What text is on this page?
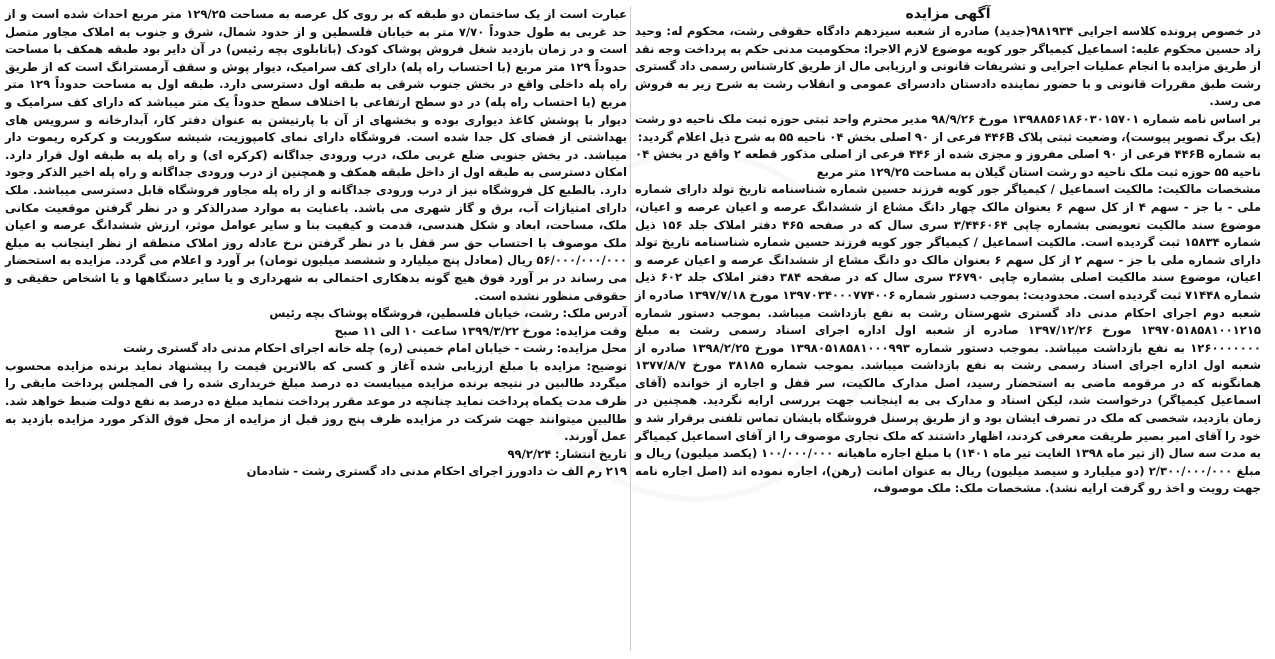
آگهی مزایده

در خصوص پرونده کلاسه اجرایی ۹۸۱۹۳۴(جدید) صادره از شعبه سیزدهم دادگاه حقوقی رشت، محکوم له: وحید زاد حسین محکوم علیه: اسماعیل کیمیاگر جور کویه موضوع لازم الاجرا: محکومیت مدنی حکم به پرداخت وجه نقد از طریق مزایده با انجام عملیات اجرایی و تشریفات قانونی و ارزیابی مال از طریق کارشناس رسمی داد گستری رشت طبق مقررات قانونی و با حضور نماینده دادستان دادسرای عمومی و انقلاب رشت به شرح زیر به فروش می رسد.

بر اساس نامه شماره ۱۳۹۸۸۵۶۱۸۶۰۳۰۱۵۷۰۱ مورخ ۹۸/۹/۲۶ مدیر محترم واحد ثبتی حوزه ثبت ملک ناحیه دو رشت (یک برگ تصویر پیوست)، وضعیت ثبتی پلاک ۴۴۶B فرعی از ۹۰ اصلی بخش ۰۴ ناحیه ۵۵ به شرح ذیل اعلام گردید:

به شماره ۴۴۶B فرعی از ۹۰ اصلی مفروز و مجزی شده از ۴۴۶ فرعی از اصلی مذکور قطعه ۲ واقع در بخش ۰۴ ناحیه ۵۵ حوزه ثبت ملک ناحیه دو رشت استان گیلان به مساحت ۱۲۹/۲۵ متر مربع

مشخصات مالکیت: مالکیت اسماعیل / کیمیاگر جور کویه فرزند حسین شماره شناسنامه تاریخ تولد دارای شماره ملی - با جز - سهم ۴ از کل سهم ۶ بعنوان مالک چهار دانگ مشاع از ششدانگ عرصه و اعیان عرصه و اعیان، موضوع سند مالکیت تعویضی بشماره چاپی ۳/۴۴۶۰۶۴ سری سال که در صفحه ۴۶۵ دفتر املاک جلد ۱۵۶ ذیل شماره ۱۵۸۳۴ ثبت گردیده است. مالکیت اسماعیل / کیمیاگر جور کویه فرزند حسین شماره شناسنامه تاریخ تولد دارای شماره ملی با جز - سهم ۲ از کل سهم ۶ بعنوان مالک دو دانگ مشاع از ششدانگ عرصه و اعیان عرصه و اعیان، موضوع سند مالکیت اصلی بشماره چاپی ۳۶۷۹۰ سری سال که در صفحه ۳۸۴ دفتر املاک جلد ۶۰۲ ذیل شماره ۷۱۴۴۸ ثبت گردیده است. محدودیت: بموجب دستور شماره ۱۳۹۷۰۳۴۰۰۰۷۷۴۰۰۶ مورخ ۱۳۹۷/۷/۱۸ صادره از شعبه دوم اجرای احکام مدنی داد گستری شهرستان رشت به نفع بازداشت میباشد. بموجب دستور شماره ۱۳۹۷۰۵۱۸۵۸۱۰۰۱۲۱۵ مورخ ۱۳۹۷/۱۲/۲۶ صادره از شعبه اول اداره اجرای اسناد رسمی رشت به مبلغ ۱۲۶۰۰۰۰۰۰۰ به نفع بازداشت میباشد. بموجب دستور شماره ۱۳۹۸۰۵۱۸۵۸۱۰۰۰۹۹۳ مورخ ۱۳۹۸/۲/۲۵ صادره از شعبه اول اداره اجرای اسناد رسمی رشت به نفع بازداشت میباشد. بموجب شماره ۳۸۱۸۵ مورخ ۱۳۷۷/۸/۷ همانگونه که در مرقومه ماضی به استحضار رسید، اصل مدارک مالکیت، سر قفل و اجاره از خوانده (آقای اسماعیل کیمیاگر) درخواست شد، لیکن اسناد و مدارک بی به اینجانب جهت بررسی ارایه نگردید. همچنین در زمان بازدید، شخصی که ملک در تصرف ایشان بود و از طریق پرسنل فروشگاه بایشان تماس تلفنی برقرار شد و خود را آقای امیر بصیر طریقت معرفی کردند، اظهار داشتند که ملک تجاری موصوف را از آقای اسماعیل کیمیاگر به مدت سه سال (از تیر ماه ۱۳۹۸ الغایت تیر ماه ۱۴۰۱) با مبلغ اجاره ماهیانه ۱۰۰/۰۰۰/۰۰۰ (یکصد میلیون) ریال و مبلغ ۲/۳۰۰/۰۰۰/۰۰۰ (دو میلیارد و سیصد میلیون) ریال به عنوان امانت (رهن)، اجاره نموده اند (اصل اجاره نامه جهت رویت و اخذ رو گرفت ارایه نشد). مشخصات ملک: ملک موصوف،

عبارت است از یک ساختمان دو طبقه که بر روی کل عرصه به مساحت ۱۲۹/۲۵ متر مربع احداث شده است و از حد غربی به طول حدوداً ۷/۷۰ متر به خیابان فلسطین و از حدود شمال، شرق و جنوب به املاک مجاور متصل است و در زمان بازدید شغل فروش پوشاک کودک (باتابلوی بچه رئیس) در آن دایر بود طبقه همکف با مساحت حدوداً ۱۲۹ متر مربع (با احتساب راه پله) دارای کف سرامیک، دیوار پوش و سقف آرمسترانگ است که از طریق راه پله داخلی واقع در بخش جنوب شرقی به طبقه اول دسترسی دارد. طبقه اول به مساحت حدوداً ۱۲۹ متر مربع (با احتساب راه پله) در دو سطح ارتفاعی با اختلاف سطح حدوداً یک متر میباشد که دارای کف سرامیک و دیوار با پوشش کاغذ دیواری بوده و بخشهای از آن با پارتیشن به عنوان دفتر کار، آبدارخانه و سرویس های بهداشتی از فضای کل جدا شده است. فروشگاه دارای نمای کامپوزیت، شیشه سکوریت و کرکره ریموت دار میباشد. در بخش جنوبی ضلع غربی ملک، درب ورودی جداگانه (کرکره ای) و راه پله به طبقه اول قرار دارد. امکان دسترسی به طبقه اول از داخل طبقه همکف و همچنین از درب ورودی جداگانه و راه پله اخیر الذکر وجود دارد. بالطبع کل فروشگاه نیز از درب ورودی جداگانه و از راه پله مجاور فروشگاه قابل دسترسی میباشد. ملک دارای امتیازات آب، برق و گاز شهری می باشد. باعنایت به موارد صدرالذکر و در نظر گرفتن موقعیت مکانی ملک، مساحت، ابعاد و شکل هندسی، قدمت و کیفیت بنا و سایر عوامل موثر، ارزش ششدانگ عرصه و اعیان ملک موصوف با احتساب حق سر قفل با در نظر گرفتن نرخ عادله روز املاک منطقه از نظر اینجانب به مبلغ ۵۶/۰۰۰/۰۰۰/۰۰۰ ریال (معادل پنج میلیارد و ششصد میلیون تومان) بر آورد و اعلام می گردد. مزایده به استحضار می رساند در بر آورد فوق هیچ گونه بدهکاری احتمالی به شهرداری و یا سایر دستگاهها و یا اشخاص حقیقی و حقوقی منظور نشده است.

آدرس ملک: رشت، خیابان فلسطین، فروشگاه پوشاک بچه رئیس

وقت مزایده: مورخ ۱۳۹۹/۳/۲۲ ساعت ۱۰ الی ۱۱ صبح

محل مزایده: رشت - خیابان امام خمینی (ره) چله خانه اجرای احکام مدنی داد گستری رشت

توضیح: مزایده با مبلغ ارزیابی شده آغاز و کسی که بالاترین قیمت را پیشنهاد نماید برنده مزایده محسوب میگردد طالبین در نتیجه برنده مزایده میبایست ده درصد مبلغ خریداری شده را فی المجلس پرداخت مابقی را ظرف مدت یکماه پرداخت نماید چنانچه در موعد مقرر پرداخت ننماید مبلغ ده درصد به نفع دولت ضبط خواهد شد. طالبین میتوانند جهت شرکت در مزایده ظرف پنج روز قبل از مزایده از محل فوق الذکر مورد مزایده بازدید به عمل آورند.

تاریخ انتشار: ۹۹/۲/۲۴

۲۱۹ رم الف ث دادورز اجرای احکام مدنی داد گستری رشت - شادمان
